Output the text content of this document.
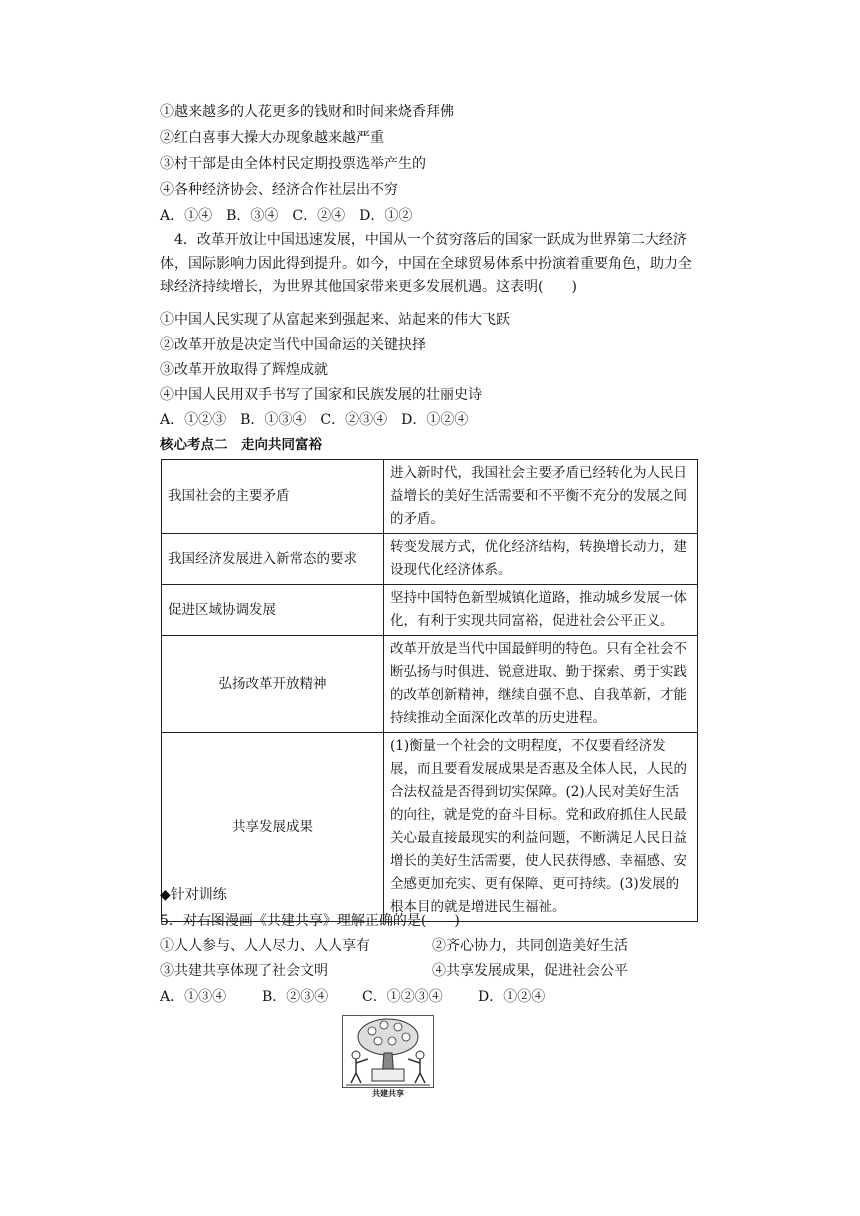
①越来越多的人花更多的钱财和时间来烧香拜佛
②红白喜事大操大办现象越来越严重
③村干部是由全体村民定期投票选举产生的
④各种经济协会、经济合作社层出不穷
A．①④　B．③④　C．②④　D．①②
4．改革开放让中国迅速发展，中国从一个贫穷落后的国家一跃成为世界第二大经济体，国际影响力因此得到提升。如今，中国在全球贸易体系中扮演着重要角色，助力全球经济持续增长，为世界其他国家带来更多发展机遇。这表明(　　)
①中国人民实现了从富起来到强起来、站起来的伟大飞跃
②改革开放是决定当代中国命运的关键抉择
③改革开放取得了辉煌成就
④中国人民用双手书写了国家和民族发展的壮丽史诗
A．①②③　B．①③④　C．②③④　D．①②④
核心考点二　走向共同富裕
我国社会的主要矛盾	进入新时代，我国社会主要矛盾已经转化为人民日益增长的美好生活需要和不平衡不充分的发展之间的矛盾。
我国经济发展进入新常态的要求	转变发展方式，优化经济结构，转换增长动力，建设现代化经济体系。
促进区域协调发展	坚持中国特色新型城镇化道路，推动城乡发展一体化，有利于实现共同富裕，促进社会公平正义。
弘扬改革开放精神	改革开放是当代中国最鲜明的特色。只有全社会不断弘扬与时俱进、锐意进取、勤于探索、勇于实践的改革创新精神，继续自强不息、自我革新，才能持续推动全面深化改革的历史进程。
共享发展成果	(1)衡量一个社会的文明程度，不仅要看经济发展，而且要看发展成果是否惠及全体人民，人民的合法权益是否得到切实保障。(2)人民对美好生活的向往，就是党的奋斗目标。党和政府抓住人民最关心最直接最现实的利益问题，不断满足人民日益增长的美好生活需要，使人民获得感、幸福感、安全感更加充实、更有保障、更可持续。(3)发展的根本目的就是增进民生福祉。
◆针对训练
5．对右图漫画《共建共享》理解正确的是(　　)
①人人参与、人人尽力、人人享有	②齐心协力，共同创造美好生活
③共建共享体现了社会文明	④共享发展成果，促进社会公平
A．①③④	B．②③④ C．①②③④	D．①②④
共建共享
